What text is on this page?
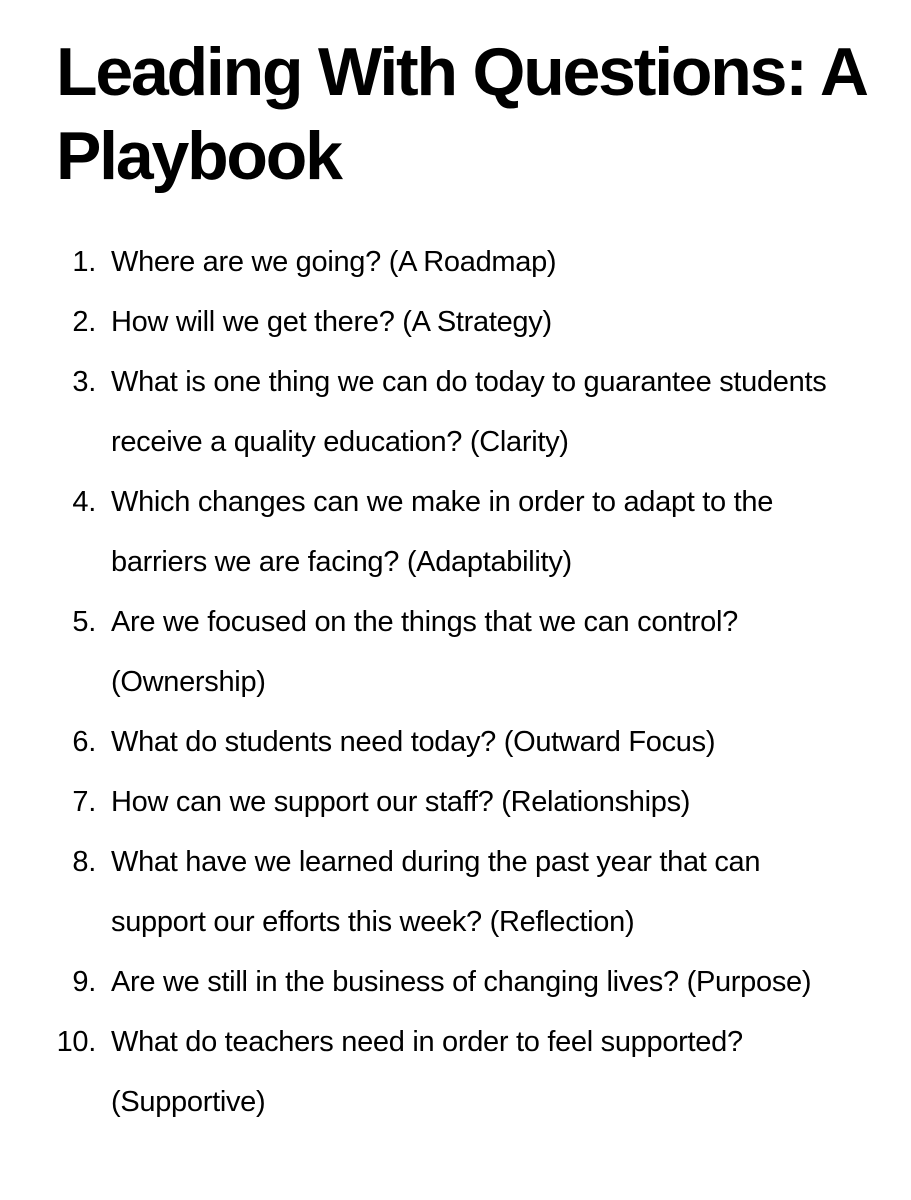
Leading With Questions: A Playbook
1. Where are we going? (A Roadmap)
2. How will we get there? (A Strategy)
3. What is one thing we can do today to guarantee students receive a quality education? (Clarity)
4. Which changes can we make in order to adapt to the barriers we are facing? (Adaptability)
5. Are we focused on the things that we can control? (Ownership)
6. What do students need today? (Outward Focus)
7. How can we support our staff? (Relationships)
8. What have we learned during the past year that can support our efforts this week? (Reflection)
9. Are we still in the business of changing lives? (Purpose)
10. What do teachers need in order to feel supported? (Supportive)
